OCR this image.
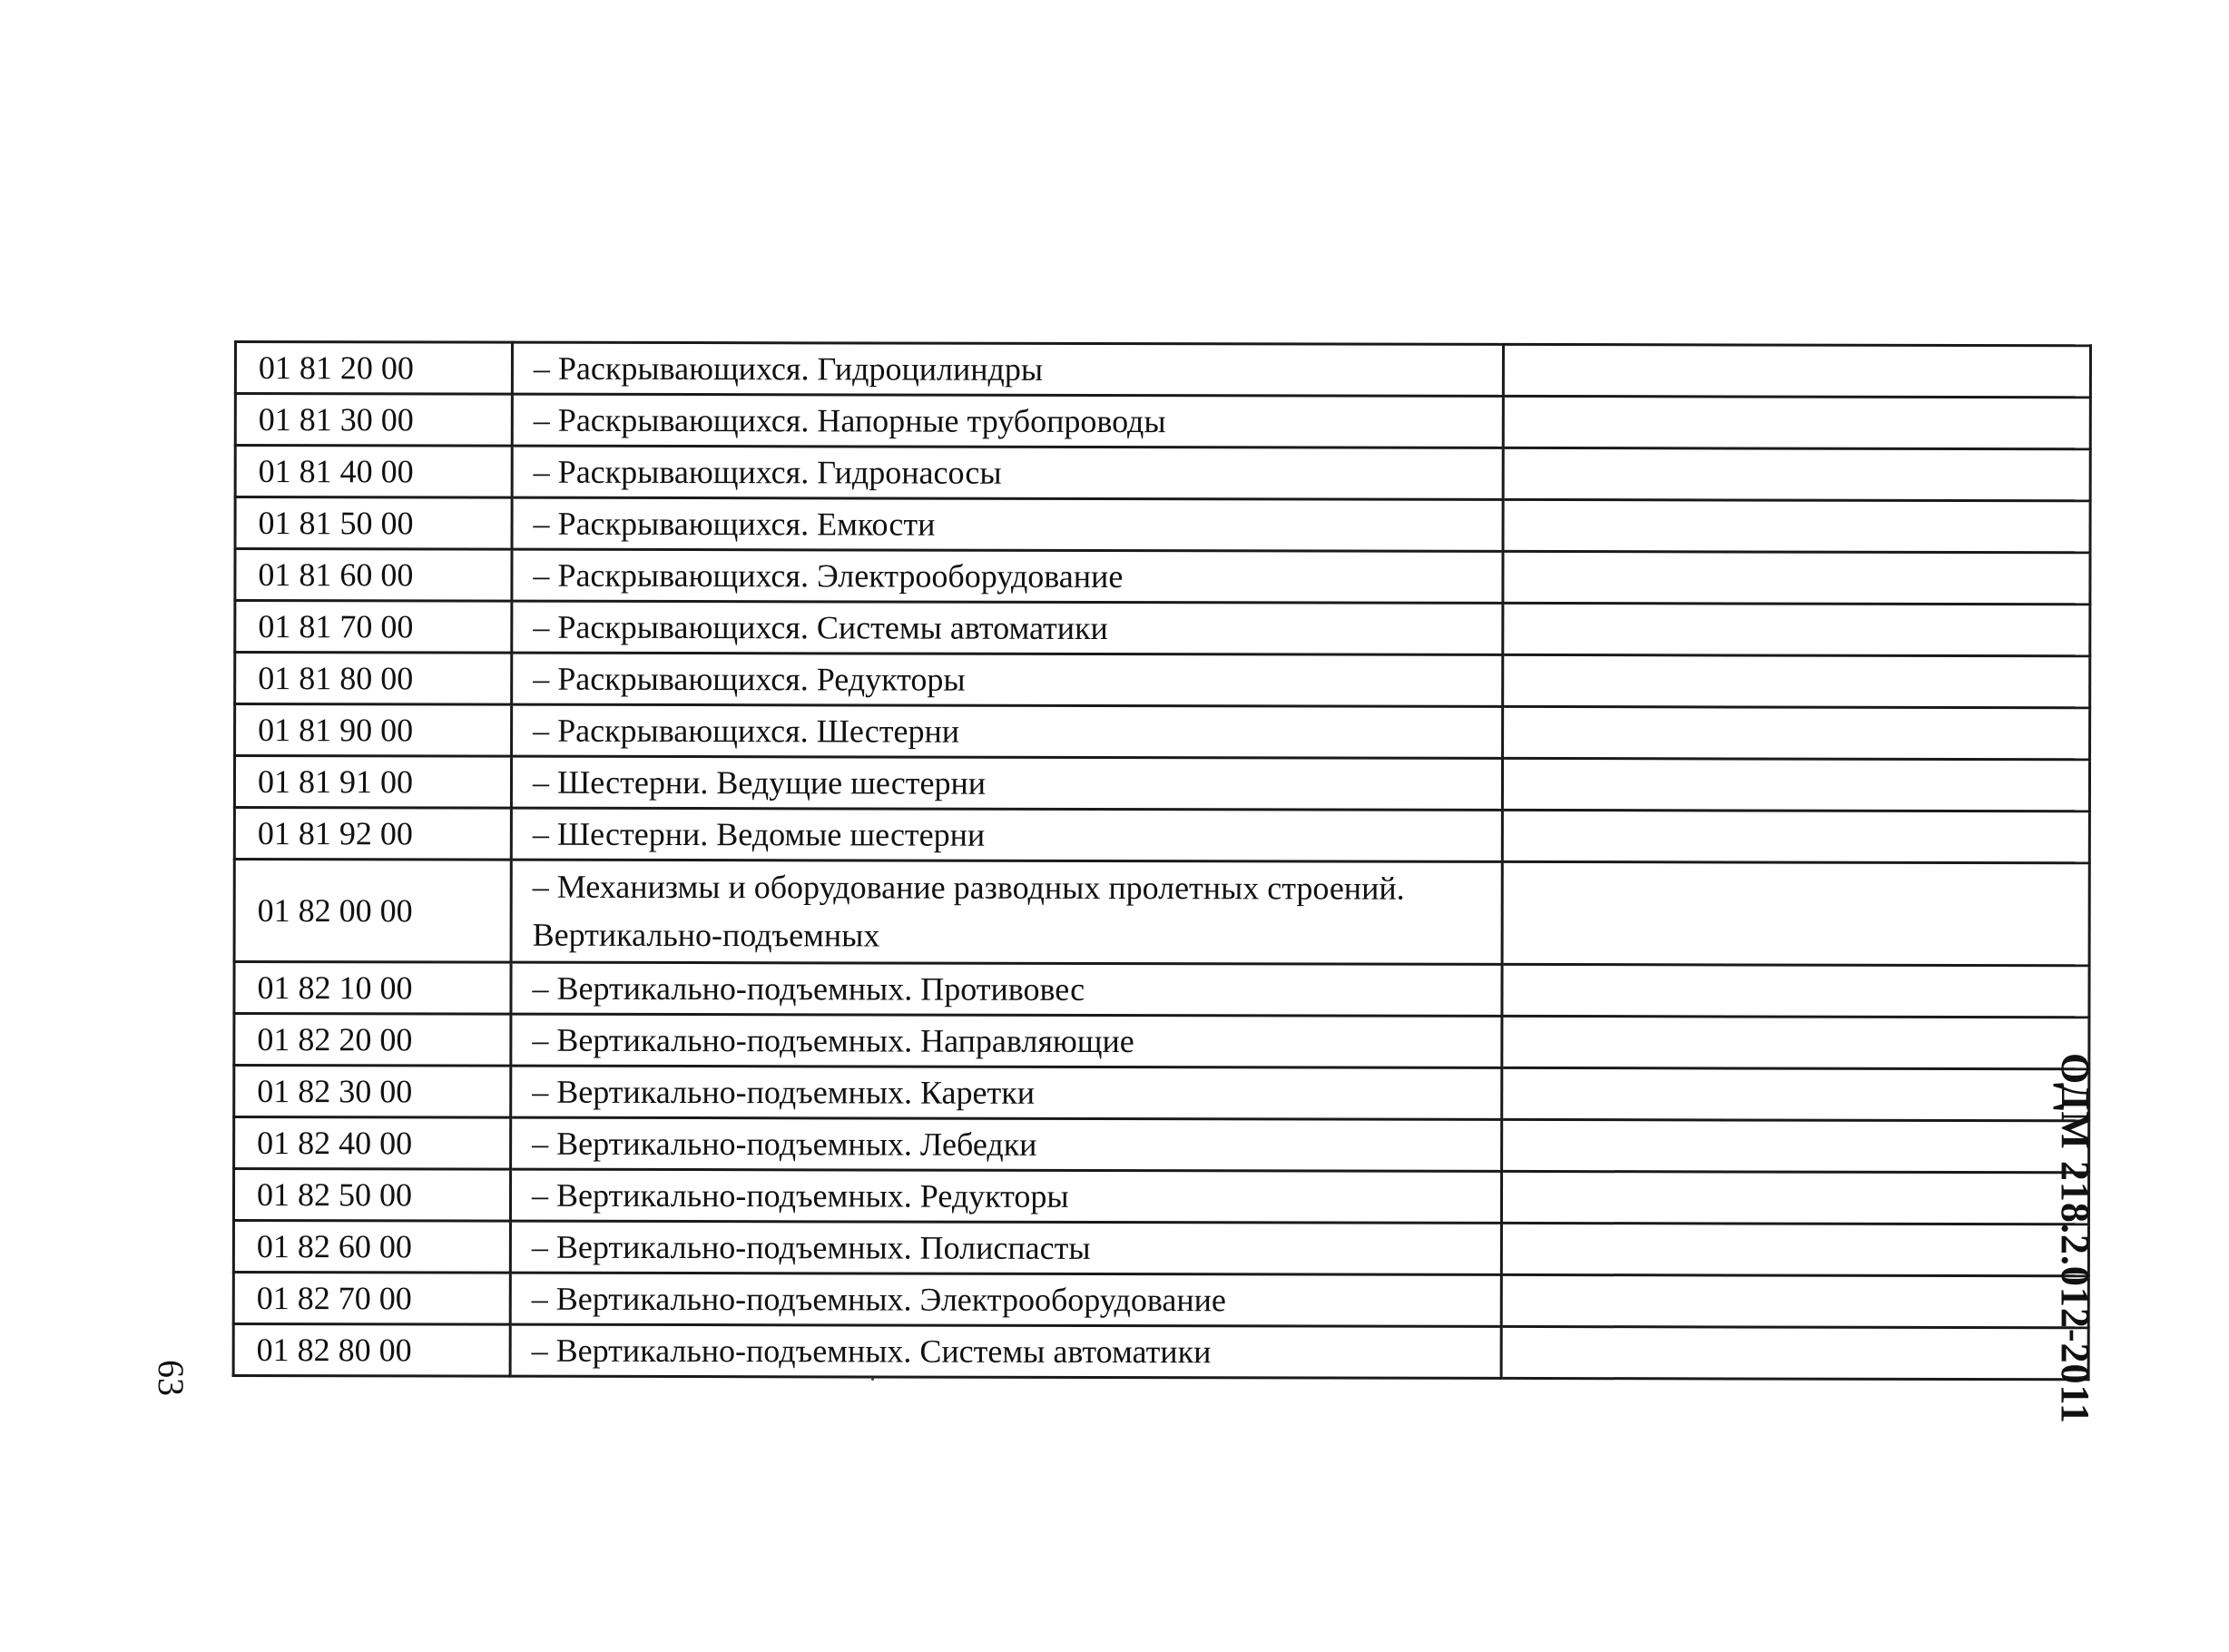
01 81 20 00	– Раскрывающихся. Гидроцилиндры	
01 81 30 00	– Раскрывающихся. Напорные трубопроводы	
01 81 40 00	– Раскрывающихся. Гидронасосы	
01 81 50 00	– Раскрывающихся. Емкости	
01 81 60 00	– Раскрывающихся. Электрооборудование	
01 81 70 00	– Раскрывающихся. Системы автоматики	
01 81 80 00	– Раскрывающихся. Редукторы	
01 81 90 00	– Раскрывающихся. Шестерни	
01 81 91 00	– Шестерни. Ведущие шестерни	
01 81 92 00	– Шестерни. Ведомые шестерни	
01 82 00 00	– Механизмы и оборудование разводных пролетных строений. Вертикально-подъемных	
01 82 10 00	– Вертикально-подъемных. Противовес	
01 82 20 00	– Вертикально-подъемных. Направляющие	
01 82 30 00	– Вертикально-подъемных. Каретки	
01 82 40 00	– Вертикально-подъемных. Лебедки	
01 82 50 00	– Вертикально-подъемных. Редукторы	
01 82 60 00	– Вертикально-подъемных. Полиспасты	
01 82 70 00	– Вертикально-подъемных. Электрооборудование	
01 82 80 00	– Вертикально-подъемных. Системы автоматики	
63	ОДМ 218.2.012-2011
